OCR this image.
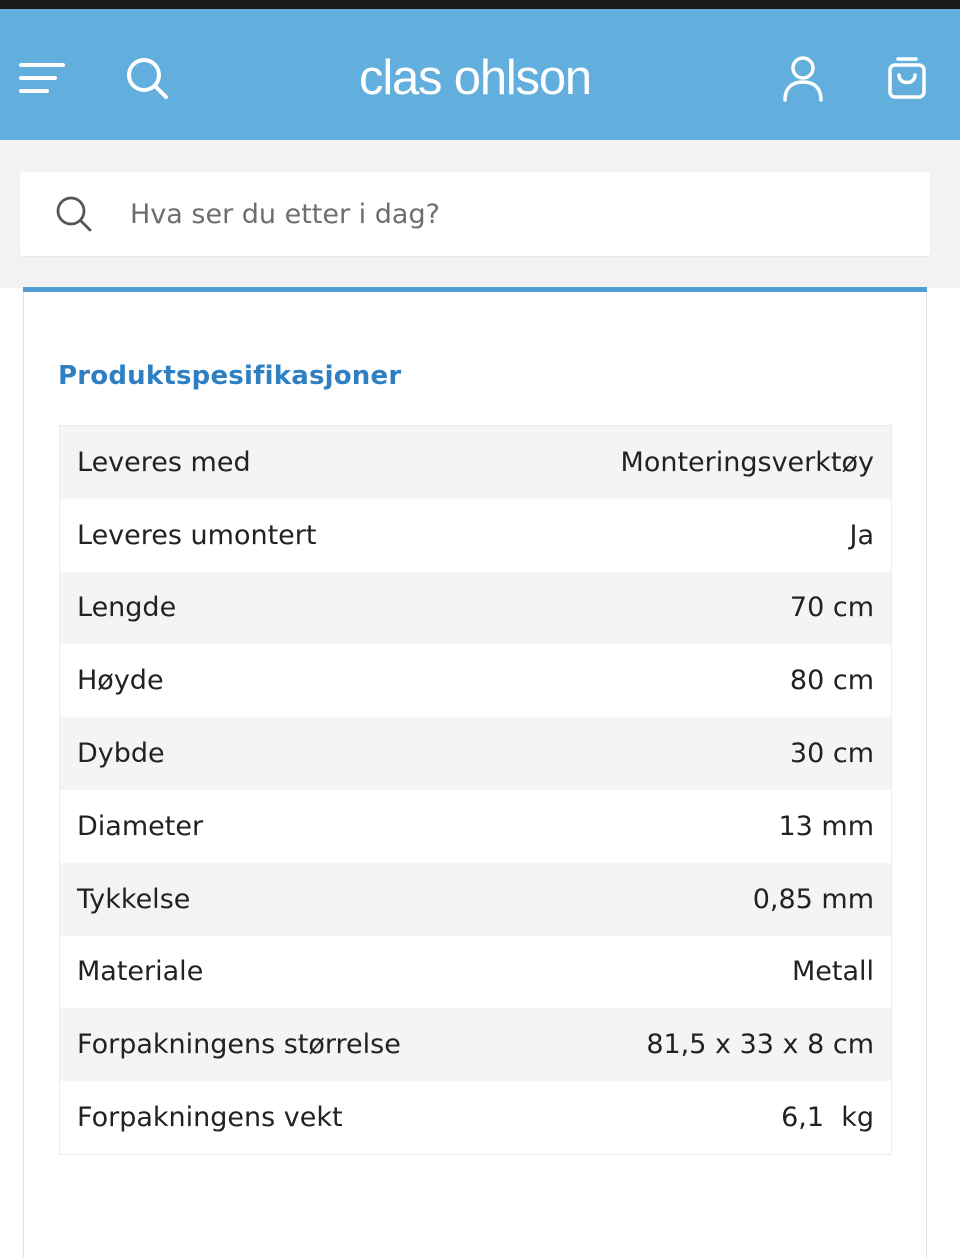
clas ohlson
Hva ser du etter i dag?
Produktspesifikasjoner
Leveres med	Monteringsverktøy
Leveres umontert	Ja
Lengde	70 cm
Høyde	80 cm
Dybde	30 cm
Diameter	13 mm
Tykkelse	0,85 mm
Materiale	Metall
Forpakningens størrelse	81,5 x 33 x 8 cm
Forpakningens vekt	6,1  kg
